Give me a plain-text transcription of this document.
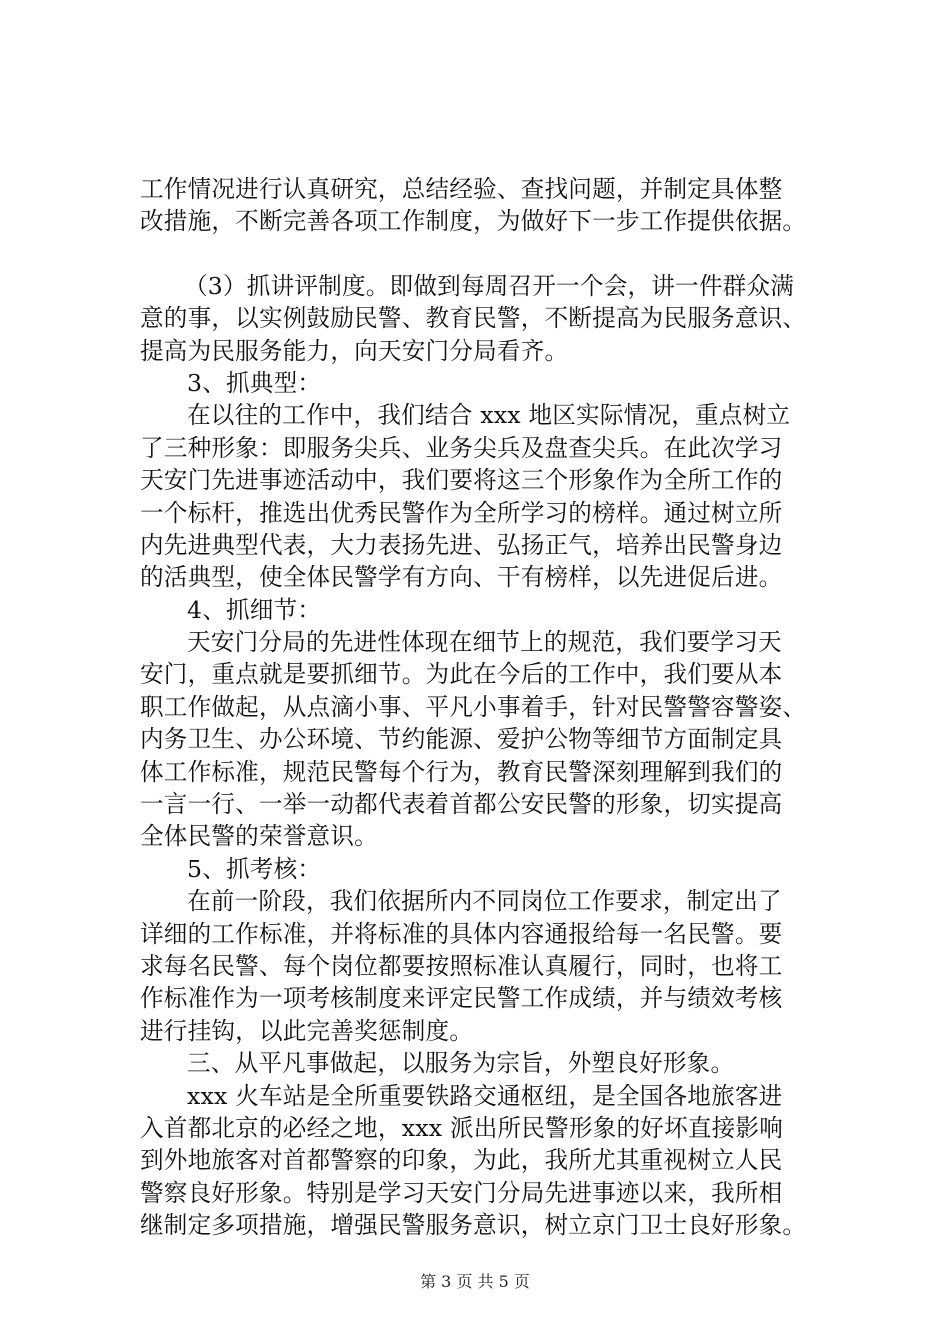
工作情况进行认真研究，总结经验、查找问题，并制定具体整
改措施，不断完善各项工作制度，为做好下一步工作提供依据。
（3）抓讲评制度。即做到每周召开一个会，讲一件群众满
意的事，以实例鼓励民警、教育民警，不断提高为民服务意识、
提高为民服务能力，向天安门分局看齐。
3、抓典型：
在以往的工作中，我们结合 xxx 地区实际情况，重点树立
了三种形象：即服务尖兵、业务尖兵及盘查尖兵。在此次学习
天安门先进事迹活动中，我们要将这三个形象作为全所工作的
一个标杆，推选出优秀民警作为全所学习的榜样。通过树立所
内先进典型代表，大力表扬先进、弘扬正气，培养出民警身边
的活典型，使全体民警学有方向、干有榜样，以先进促后进。
4、抓细节：
天安门分局的先进性体现在细节上的规范，我们要学习天
安门，重点就是要抓细节。为此在今后的工作中，我们要从本
职工作做起，从点滴小事、平凡小事着手，针对民警警容警姿、
内务卫生、办公环境、节约能源、爱护公物等细节方面制定具
体工作标准，规范民警每个行为，教育民警深刻理解到我们的
一言一行、一举一动都代表着首都公安民警的形象，切实提高
全体民警的荣誉意识。
5、抓考核：
在前一阶段，我们依据所内不同岗位工作要求，制定出了
详细的工作标准，并将标准的具体内容通报给每一名民警。要
求每名民警、每个岗位都要按照标准认真履行，同时，也将工
作标准作为一项考核制度来评定民警工作成绩，并与绩效考核
进行挂钩，以此完善奖惩制度。
三、从平凡事做起，以服务为宗旨，外塑良好形象。
xxx 火车站是全所重要铁路交通枢纽，是全国各地旅客进
入首都北京的必经之地，xxx 派出所民警形象的好坏直接影响
到外地旅客对首都警察的印象，为此，我所尤其重视树立人民
警察良好形象。特别是学习天安门分局先进事迹以来，我所相
继制定多项措施，增强民警服务意识，树立京门卫士良好形象。
第 3 页 共 5 页
